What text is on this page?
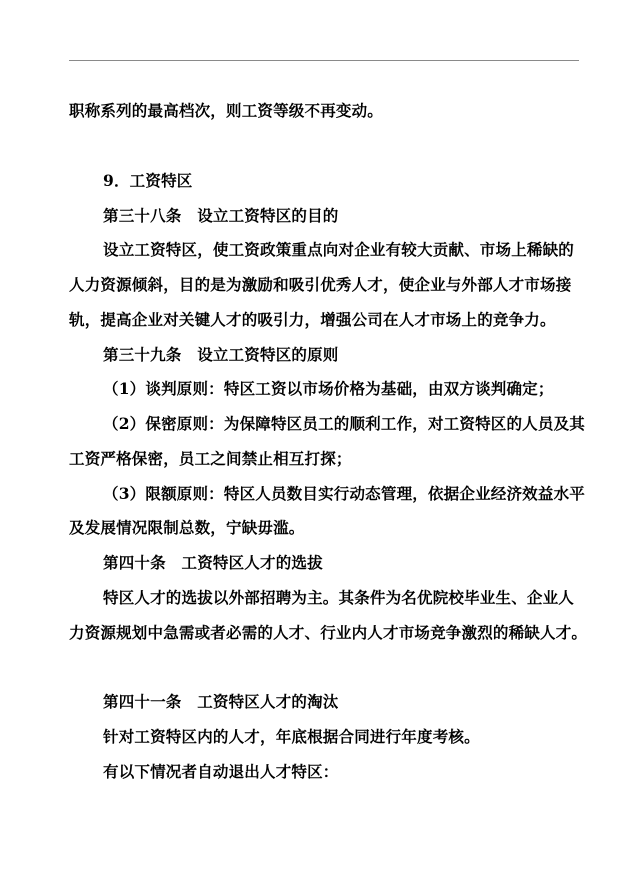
职称系列的最高档次，则工资等级不再变动。
9．工资特区
第三十八条　设立工资特区的目的
设立工资特区，使工资政策重点向对企业有较大贡献、市场上稀缺的
人力资源倾斜，目的是为激励和吸引优秀人才，使企业与外部人才市场接
轨，提高企业对关键人才的吸引力，增强公司在人才市场上的竞争力。
第三十九条　设立工资特区的原则
（1）谈判原则：特区工资以市场价格为基础，由双方谈判确定；
（2）保密原则：为保障特区员工的顺利工作，对工资特区的人员及其
工资严格保密，员工之间禁止相互打探；
（3）限额原则：特区人员数目实行动态管理，依据企业经济效益水平
及发展情况限制总数，宁缺毋滥。
第四十条　工资特区人才的选拔
特区人才的选拔以外部招聘为主。其条件为名优院校毕业生、企业人
力资源规划中急需或者必需的人才、行业内人才市场竞争激烈的稀缺人才。
第四十一条　工资特区人才的淘汰
针对工资特区内的人才，年底根据合同进行年度考核。
有以下情况者自动退出人才特区：
